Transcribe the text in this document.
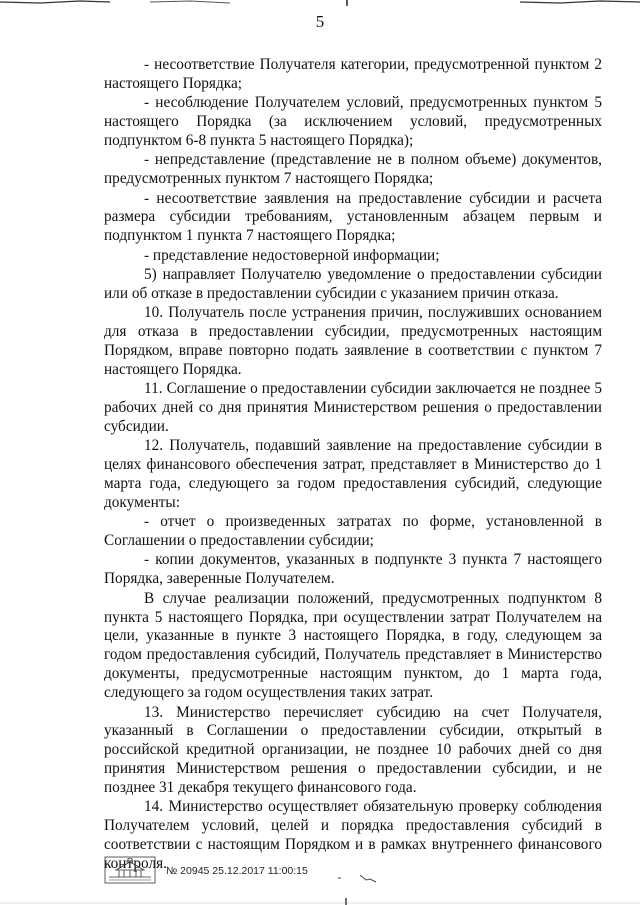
5

- несоответствие Получателя категории, предусмотренной пунктом 2 настоящего Порядка;

- несоблюдение Получателем условий, предусмотренных пунктом 5 настоящего Порядка (за исключением условий, предусмотренных подпунктом 6-8 пункта 5 настоящего Порядка);

- непредставление (представление не в полном объеме) документов, предусмотренных пунктом 7 настоящего Порядка;

- несоответствие заявления на предоставление субсидии и расчета размера субсидии требованиям, установленным абзацем первым и подпунктом 1 пункта 7 настоящего Порядка;

- представление недостоверной информации;

5) направляет Получателю уведомление о предоставлении субсидии или об отказе в предоставлении субсидии с указанием причин отказа.

10. Получатель после устранения причин, послуживших основанием для отказа в предоставлении субсидии, предусмотренных настоящим Порядком, вправе повторно подать заявление в соответствии с пунктом 7 настоящего Порядка.

11. Соглашение о предоставлении субсидии заключается не позднее 5 рабочих дней со дня принятия Министерством решения о предоставлении субсидии.

12. Получатель, подавший заявление на предоставление субсидии в целях финансового обеспечения затрат, представляет в Министерство до 1 марта года, следующего за годом предоставления субсидий, следующие документы:

- отчет о произведенных затратах по форме, установленной в Соглашении о предоставлении субсидии;

- копии документов, указанных в подпункте 3 пункта 7 настоящего Порядка, заверенные Получателем.

В случае реализации положений, предусмотренных подпунктом 8 пункта 5 настоящего Порядка, при осуществлении затрат Получателем на цели, указанные в пункте 3 настоящего Порядка, в году, следующем за годом предоставления субсидий, Получатель представляет в Министерство документы, предусмотренные настоящим пунктом, до 1 марта года, следующего за годом осуществления таких затрат.

13. Министерство перечисляет субсидию на счет Получателя, указанный в Соглашении о предоставлении субсидии, открытый в российской кредитной организации, не позднее 10 рабочих дней со дня принятия Министерством решения о предоставлении субсидии, и не позднее 31 декабря текущего финансового года.

14. Министерство осуществляет обязательную проверку соблюдения Получателем условий, целей и порядка предоставления субсидий в соответствии с настоящим Порядком и в рамках внутреннего финансового контроля. № 20945 25.12.2017 11:00:15
